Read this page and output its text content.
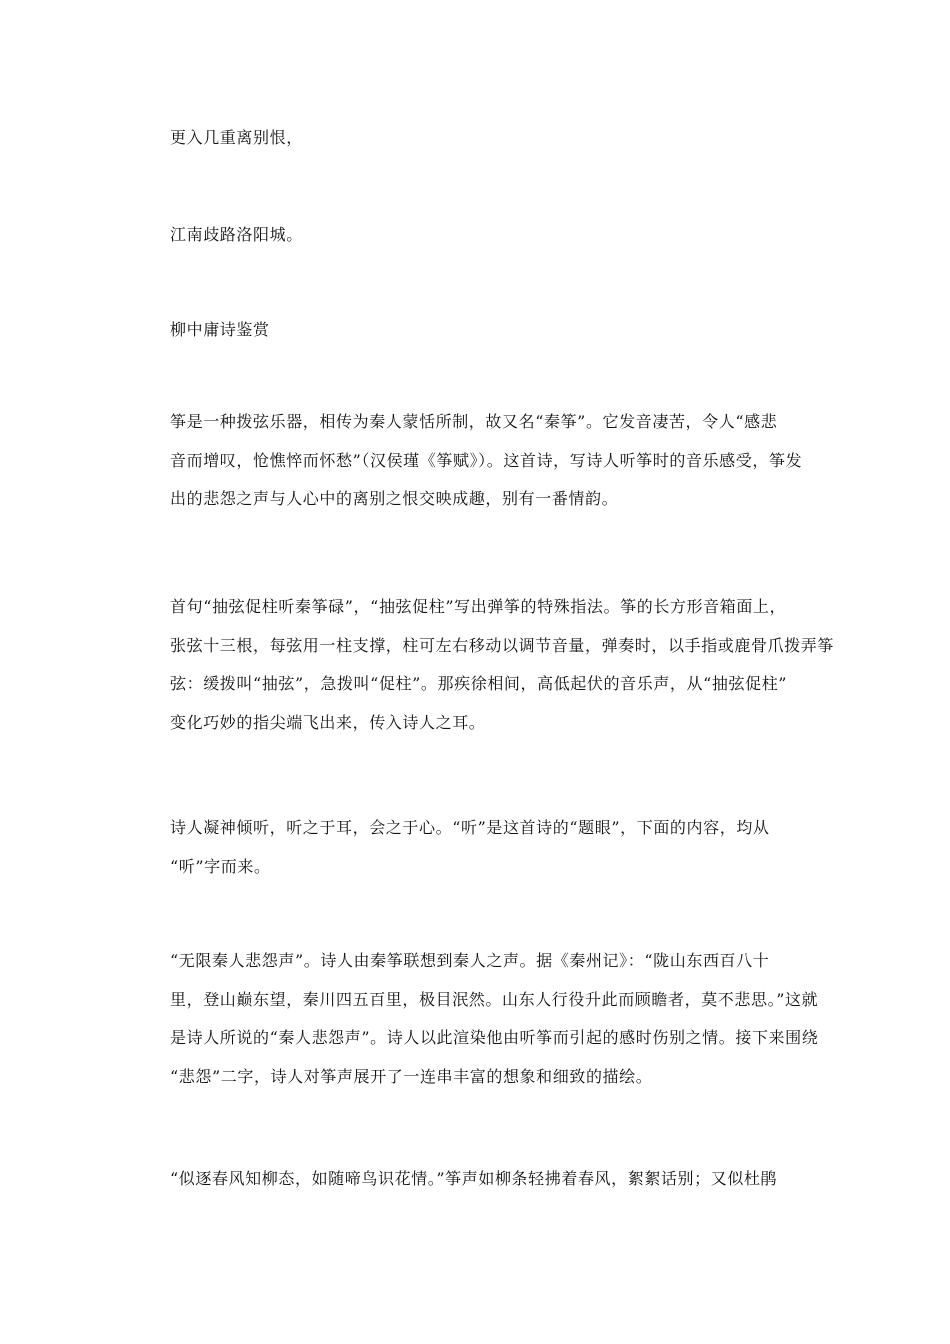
更入几重离别恨，

江南歧路洛阳城。

柳中庸诗鉴赏

筝是一种拨弦乐器，相传为秦人蒙恬所制，故又名“秦筝”。它发音凄苦，令人“感悲
音而增叹，怆憔悴而怀愁”（汉侯瑾《筝赋》）。这首诗，写诗人听筝时的音乐感受，筝发
出的悲怨之声与人心中的离别之恨交映成趣，别有一番情韵。

首句“抽弦促柱听秦筝碌”，“抽弦促柱”写出弹筝的特殊指法。筝的长方形音箱面上，
张弦十三根，每弦用一柱支撑，柱可左右移动以调节音量，弹奏时，以手指或鹿骨爪拨弄筝
弦：缓拨叫“抽弦”，急拨叫“促柱”。那疾徐相间，高低起伏的音乐声，从“抽弦促柱”
变化巧妙的指尖端飞出来，传入诗人之耳。

诗人凝神倾听，听之于耳，会之于心。“听”是这首诗的“题眼”，下面的内容，均从
“听”字而来。

“无限秦人悲怨声”。诗人由秦筝联想到秦人之声。据《秦州记》：“陇山东西百八十
里，登山巅东望，秦川四五百里，极目泯然。山东人行役升此而顾瞻者，莫不悲思。”这就
是诗人所说的“秦人悲怨声”。诗人以此渲染他由听筝而引起的感时伤别之情。接下来围绕
“悲怨”二字，诗人对筝声展开了一连串丰富的想象和细致的描绘。

“似逐春风知柳态，如随啼鸟识花情。”筝声如柳条轻拂着春风，絮絮话别；又似杜鹃
